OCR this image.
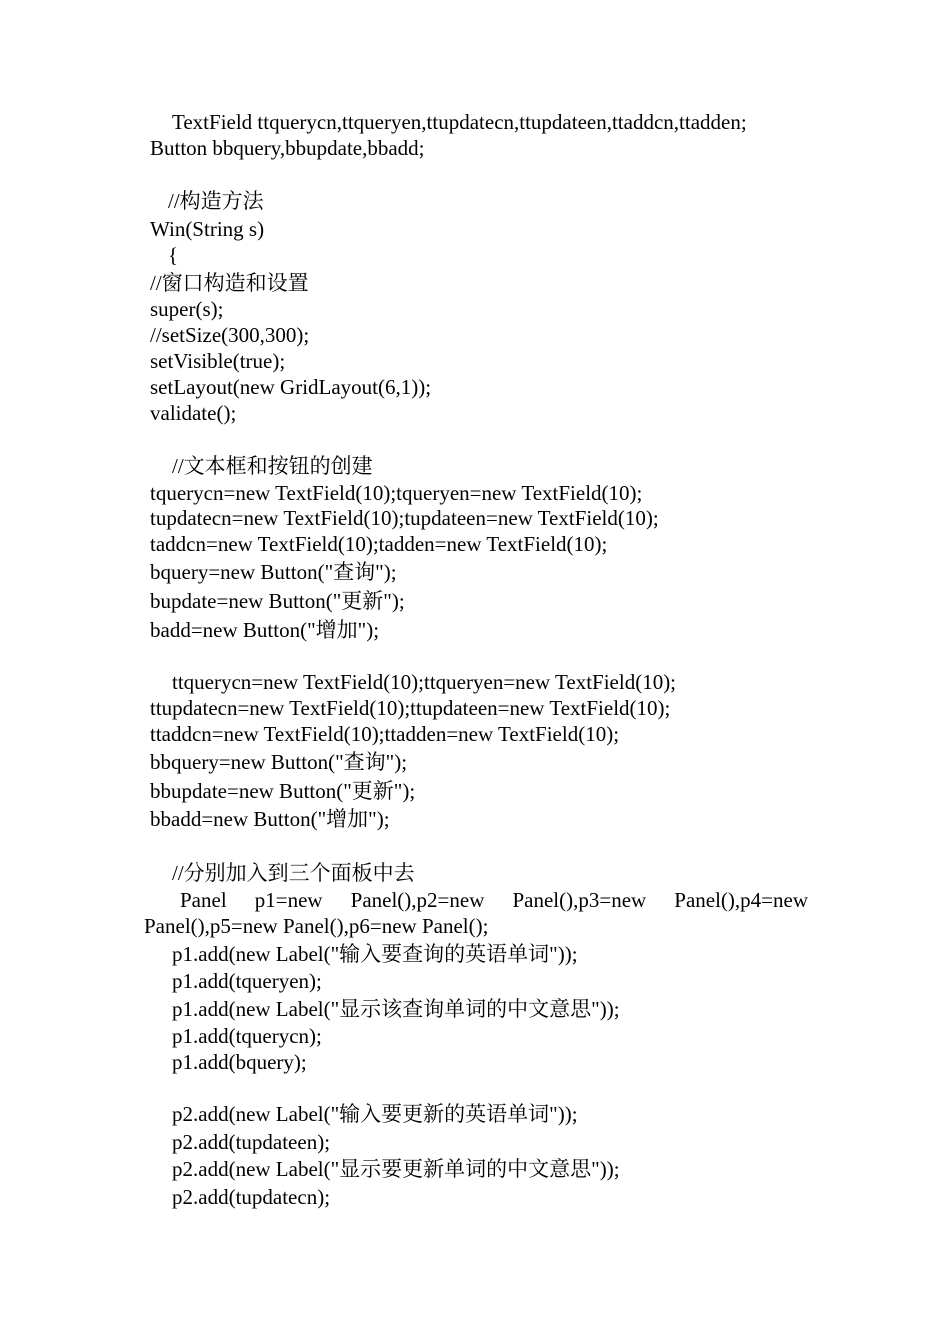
TextField ttquerycn,ttqueryen,ttupdatecn,ttupdateen,ttaddcn,ttadden;
Button bbquery,bbupdate,bbadd;
//构造方法
Win(String s)
{
//窗口构造和设置
super(s);
//setSize(300,300);
setVisible(true);
setLayout(new GridLayout(6,1));
validate();
//文本框和按钮的创建
tquerycn=new TextField(10);tqueryen=new TextField(10);
tupdatecn=new TextField(10);tupdateen=new TextField(10);
taddcn=new TextField(10);tadden=new TextField(10);
bquery=new Button("查询");
bupdate=new Button("更新");
badd=new Button("增加");
ttquerycn=new TextField(10);ttqueryen=new TextField(10);
ttupdatecn=new TextField(10);ttupdateen=new TextField(10);
ttaddcn=new TextField(10);ttadden=new TextField(10);
bbquery=new Button("查询");
bbupdate=new Button("更新");
bbadd=new Button("增加");
//分别加入到三个面板中去
Panel p1=new Panel(),p2=new Panel(),p3=new Panel(),p4=new
Panel(),p5=new Panel(),p6=new Panel();
p1.add(new Label("输入要查询的英语单词"));
p1.add(tqueryen);
p1.add(new Label("显示该查询单词的中文意思"));
p1.add(tquerycn);
p1.add(bquery);
p2.add(new Label("输入要更新的英语单词"));
p2.add(tupdateen);
p2.add(new Label("显示要更新单词的中文意思"));
p2.add(tupdatecn);
